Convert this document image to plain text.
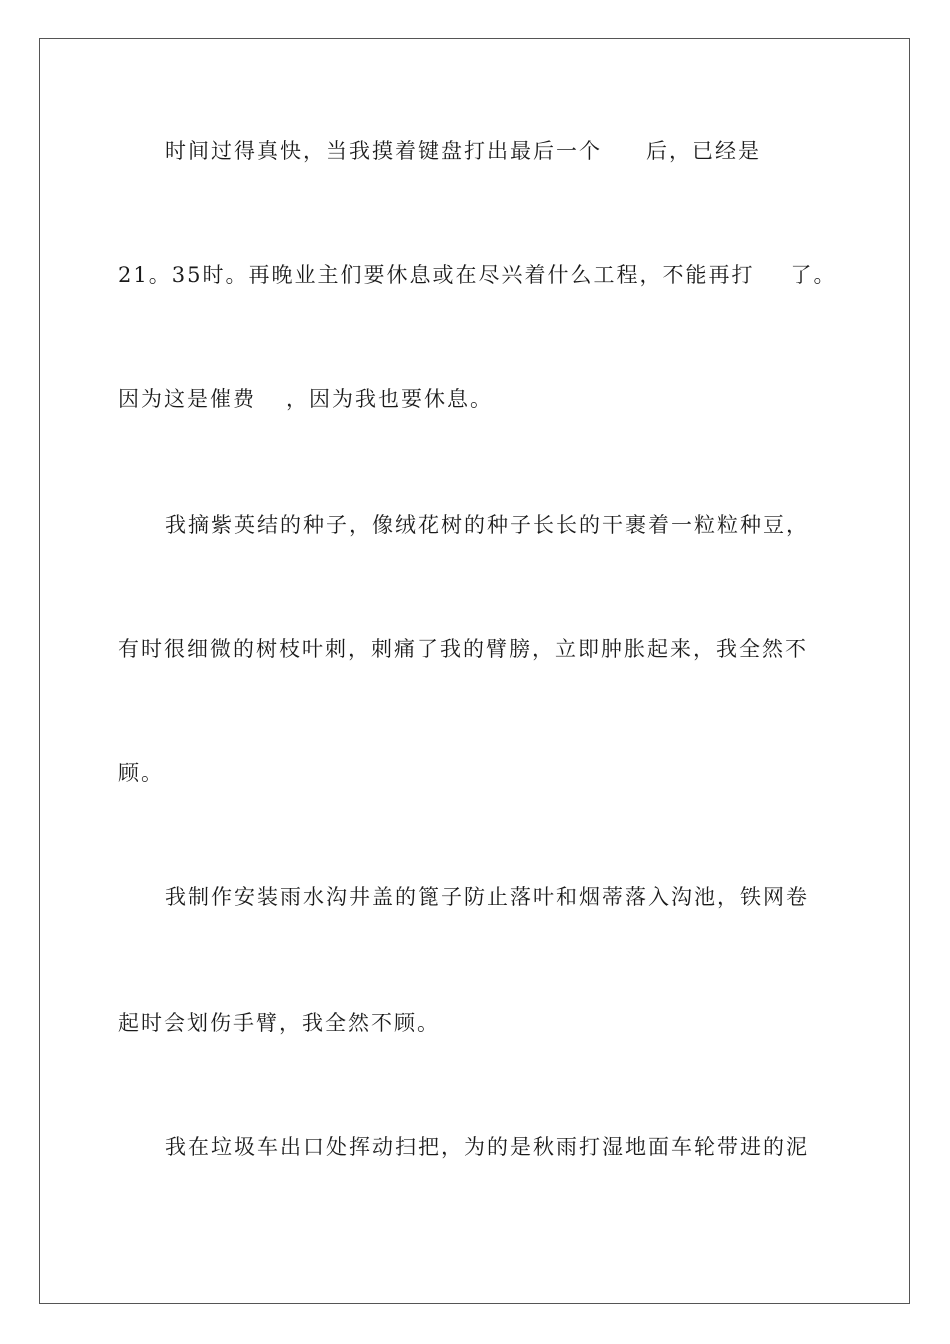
时间过得真快，当我摸着键盘打出最后一个 后，已经是
21。35时。再晚业主们要休息或在尽兴着什么工程，不能再打 了。
因为这是催费 ，因为我也要休息。
我摘紫英结的种子，像绒花树的种子长长的干裹着一粒粒种豆，
有时很细微的树枝叶刺，刺痛了我的臂膀，立即肿胀起来，我全然不
顾。
我制作安装雨水沟井盖的篦子防止落叶和烟蒂落入沟池，铁网卷
起时会划伤手臂，我全然不顾。
我在垃圾车出口处挥动扫把，为的是秋雨打湿地面车轮带进的泥
